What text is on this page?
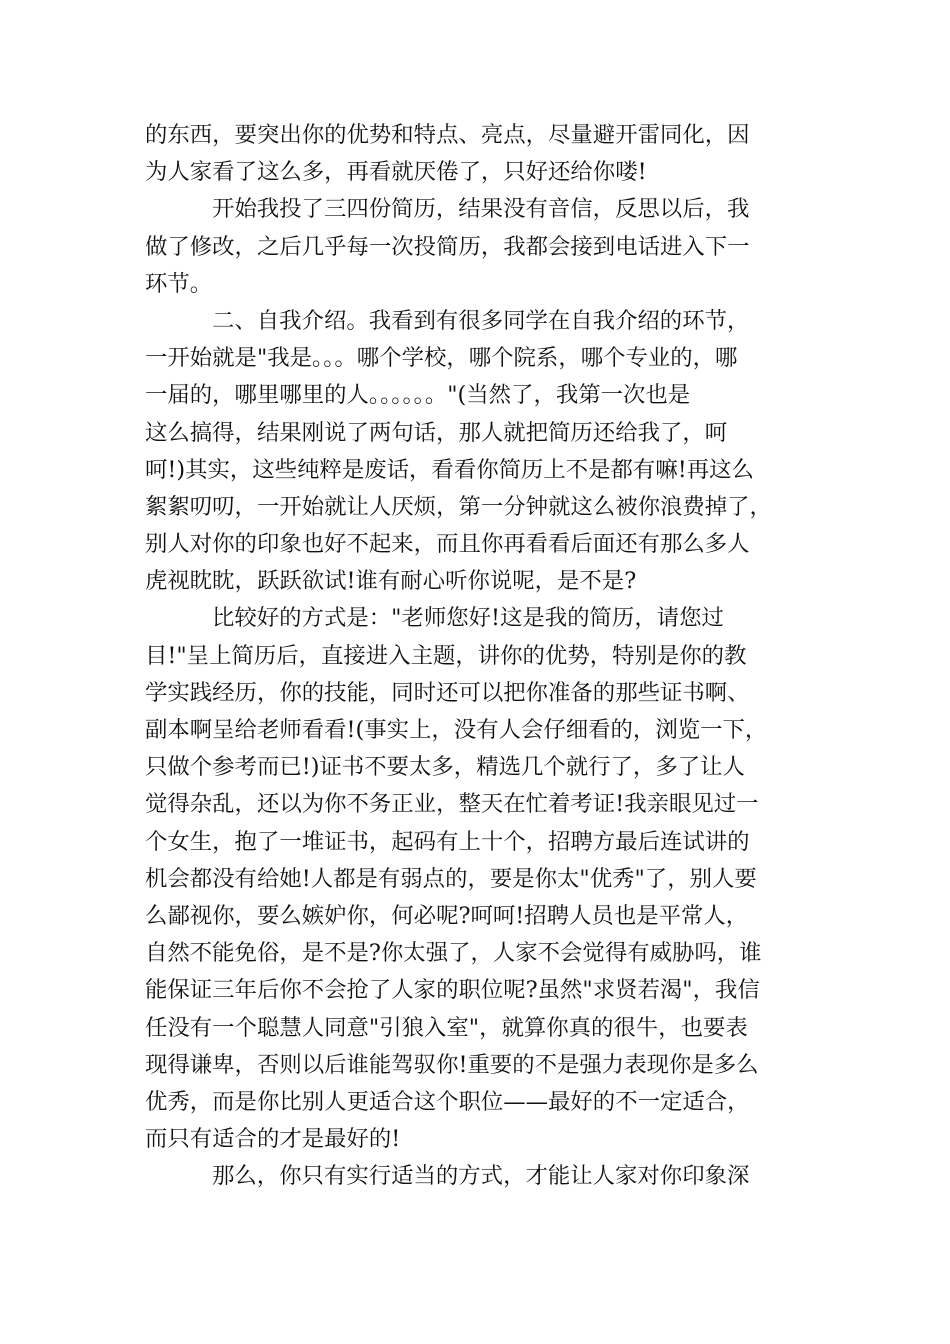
的东西，要突出你的优势和特点、亮点，尽量避开雷同化，因
为人家看了这么多，再看就厌倦了，只好还给你喽!
开始我投了三四份简历，结果没有音信，反思以后，我
做了修改，之后几乎每一次投简历，我都会接到电话进入下一
环节。
二、自我介绍。我看到有很多同学在自我介绍的环节，
一开始就是"我是。。。哪个学校，哪个院系，哪个专业的，哪
一届的，哪里哪里的人。。。。。。"(当然了，我第一次也是
这么搞得，结果刚说了两句话，那人就把简历还给我了，呵
呵!)其实，这些纯粹是废话，看看你简历上不是都有嘛!再这么
絮絮叨叨，一开始就让人厌烦，第一分钟就这么被你浪费掉了，
别人对你的印象也好不起来，而且你再看看后面还有那么多人
虎视眈眈，跃跃欲试!谁有耐心听你说呢，是不是?
比较好的方式是："老师您好!这是我的简历，请您过
目!"呈上简历后，直接进入主题，讲你的优势，特别是你的教
学实践经历，你的技能，同时还可以把你准备的那些证书啊、
副本啊呈给老师看看!(事实上，没有人会仔细看的，浏览一下，
只做个参考而已!)证书不要太多，精选几个就行了，多了让人
觉得杂乱，还以为你不务正业，整天在忙着考证!我亲眼见过一
个女生，抱了一堆证书，起码有上十个，招聘方最后连试讲的
机会都没有给她!人都是有弱点的，要是你太"优秀"了，别人要
么鄙视你，要么嫉妒你，何必呢?呵呵!招聘人员也是平常人，
自然不能免俗，是不是?你太强了，人家不会觉得有威胁吗，谁
能保证三年后你不会抢了人家的职位呢?虽然"求贤若渴"，我信
任没有一个聪慧人同意"引狼入室"，就算你真的很牛，也要表
现得谦卑，否则以后谁能驾驭你!重要的不是强力表现你是多么
优秀，而是你比别人更适合这个职位——最好的不一定适合，
而只有适合的才是最好的!
那么，你只有实行适当的方式，才能让人家对你印象深
